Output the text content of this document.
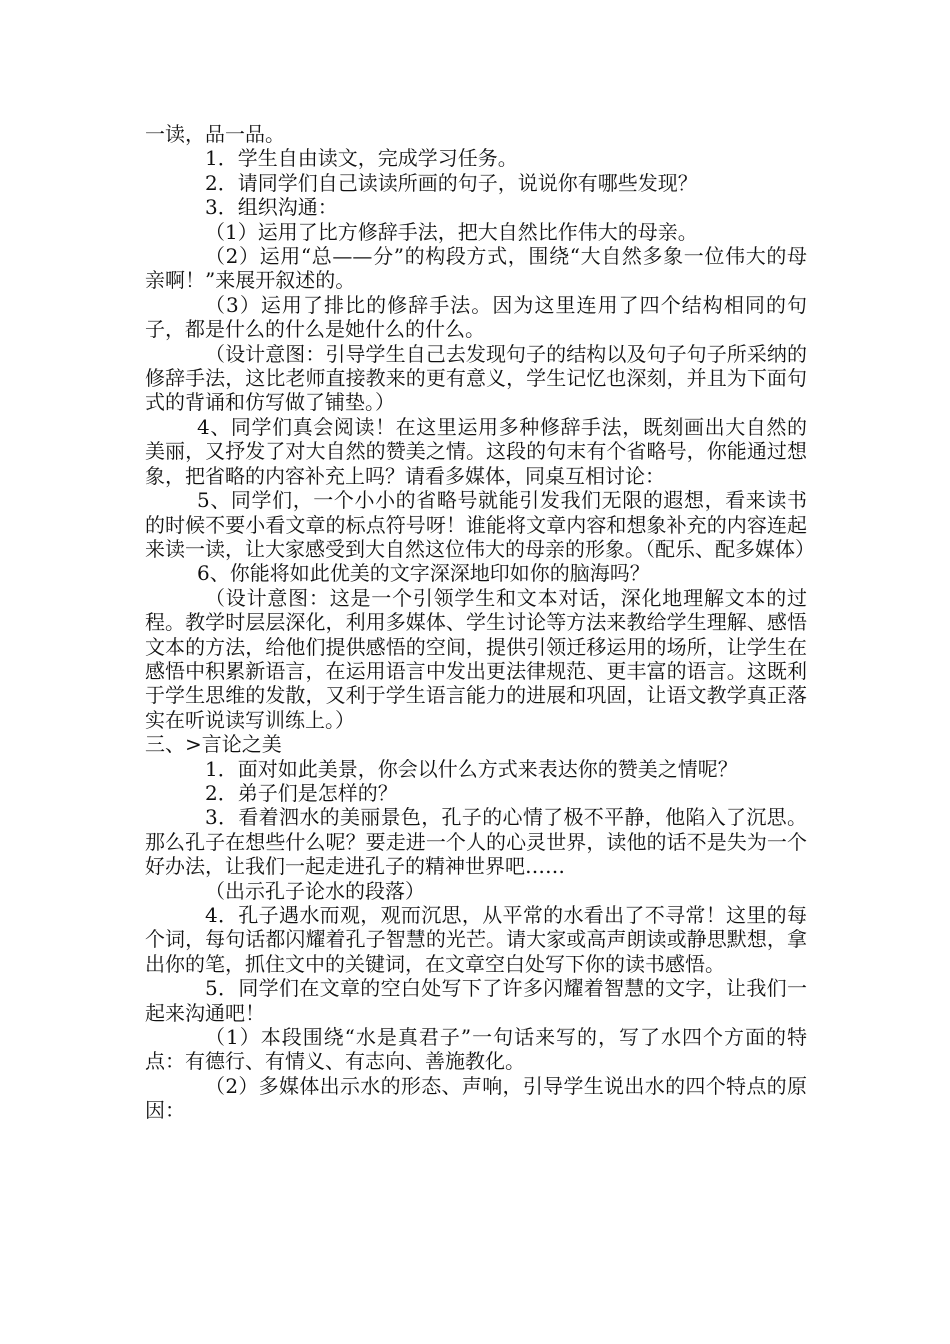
一读，品一品。

1．学生自由读文，完成学习任务。

2．请同学们自己读读所画的句子，说说你有哪些发现？

3．组织沟通：

（1）运用了比方修辞手法，把大自然比作伟大的母亲。

（2）运用“总——分”的构段方式，围绕“大自然多象一位伟大的母亲啊！”来展开叙述的。

（3）运用了排比的修辞手法。因为这里连用了四个结构相同的句子，都是什么的什么是她什么的什么。

（设计意图：引导学生自己去发现句子的结构以及句子句子所采纳的修辞手法，这比老师直接教来的更有意义，学生记忆也深刻，并且为下面句式的背诵和仿写做了铺垫。）

4、同学们真会阅读！在这里运用多种修辞手法，既刻画出大自然的美丽，又抒发了对大自然的赞美之情。这段的句末有个省略号，你能通过想象，把省略的内容补充上吗？请看多媒体，同桌互相讨论：

5、同学们，一个小小的省略号就能引发我们无限的遐想，看来读书的时候不要小看文章的标点符号呀！谁能将文章内容和想象补充的内容连起来读一读，让大家感受到大自然这位伟大的母亲的形象。（配乐、配多媒体）

6、你能将如此优美的文字深深地印如你的脑海吗？

（设计意图：这是一个引领学生和文本对话，深化地理解文本的过程。教学时层层深化，利用多媒体、学生讨论等方法来教给学生理解、感悟文本的方法，给他们提供感悟的空间，提供引领迁移运用的场所，让学生在感悟中积累新语言，在运用语言中发出更法律规范、更丰富的语言。这既利于学生思维的发散，又利于学生语言能力的进展和巩固，让语文教学真正落实在听说读写训练上。）

三、>言论之美

1．面对如此美景，你会以什么方式来表达你的赞美之情呢？

2．弟子们是怎样的？

3．看着泗水的美丽景色，孔子的心情了极不平静，他陷入了沉思。那么孔子在想些什么呢？要走进一个人的心灵世界，读他的话不是失为一个好办法，让我们一起走进孔子的精神世界吧……

（出示孔子论水的段落）

4．孔子遇水而观，观而沉思，从平常的水看出了不寻常！这里的每个词，每句话都闪耀着孔子智慧的光芒。请大家或高声朗读或静思默想，拿出你的笔，抓住文中的关键词，在文章空白处写下你的读书感悟。

5．同学们在文章的空白处写下了许多闪耀着智慧的文字，让我们一起来沟通吧！

（1）本段围绕“水是真君子”一句话来写的，写了水四个方面的特点：有德行、有情义、有志向、善施教化。

（2）多媒体出示水的形态、声响，引导学生说出水的四个特点的原因：
